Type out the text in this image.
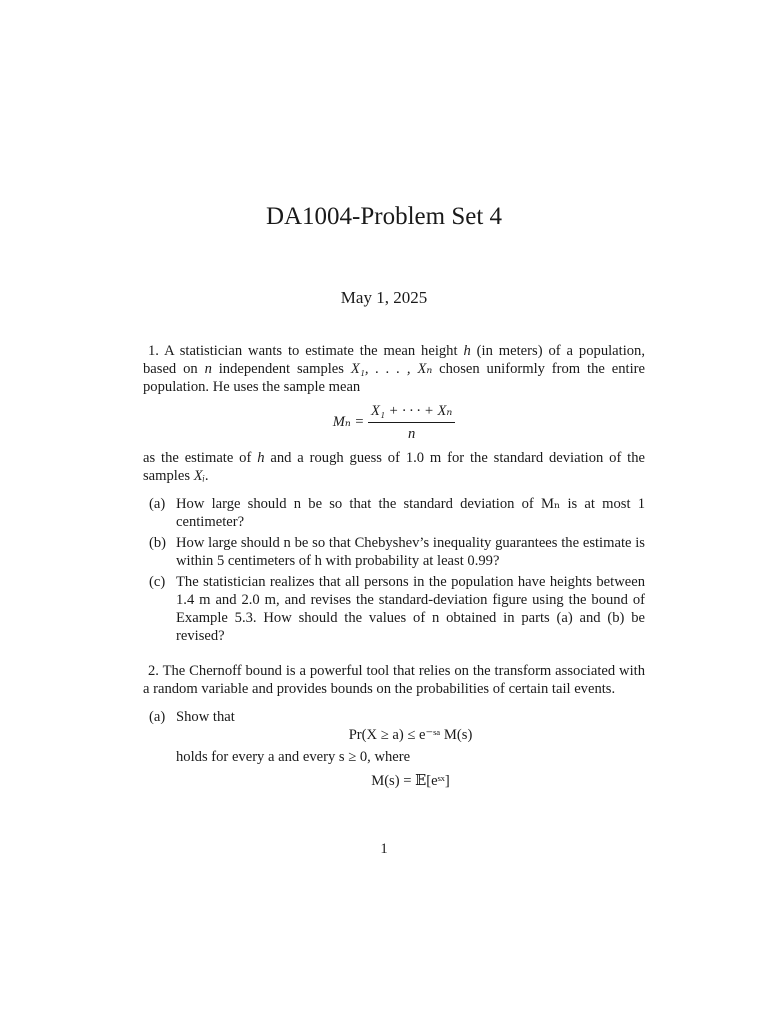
DA1004-Problem Set 4
May 1, 2025

1. A statistician wants to estimate the mean height h (in meters) of a population, based on n independent samples X₁, . . . , Xₙ chosen uniformly from the entire population. He uses the sample mean

$M_n = \frac{\text{X₁ + · · · + Xₙ}}{n}$

as the estimate of h and a rough guess of 1.0 m for the standard deviation of the samples Xᵢ.

(a) How large should n be so that the standard deviation of Mₙ is at most 1 centimeter?
(b) How large should n be so that Chebyshev’s inequality guarantees the estimate is within 5 centimeters of h with probability at least 0.99?
(c) The statistician realizes that all persons in the population have heights between 1.4 m and 2.0 m, and revises the standard-deviation figure using the bound of Example 5.3. How should the values of n obtained in parts (a) and (b) be revised?

2. The Chernoff bound is a powerful tool that relies on the transform associated with a random variable and provides bounds on the probabilities of certain tail events.

(a) Show that
Pr(X ≥ a) ≤ e⁻ˢᵃ M(s)
holds for every a and every s ≥ 0, where
M(s) = 𝔼[eˢˣ]
1
